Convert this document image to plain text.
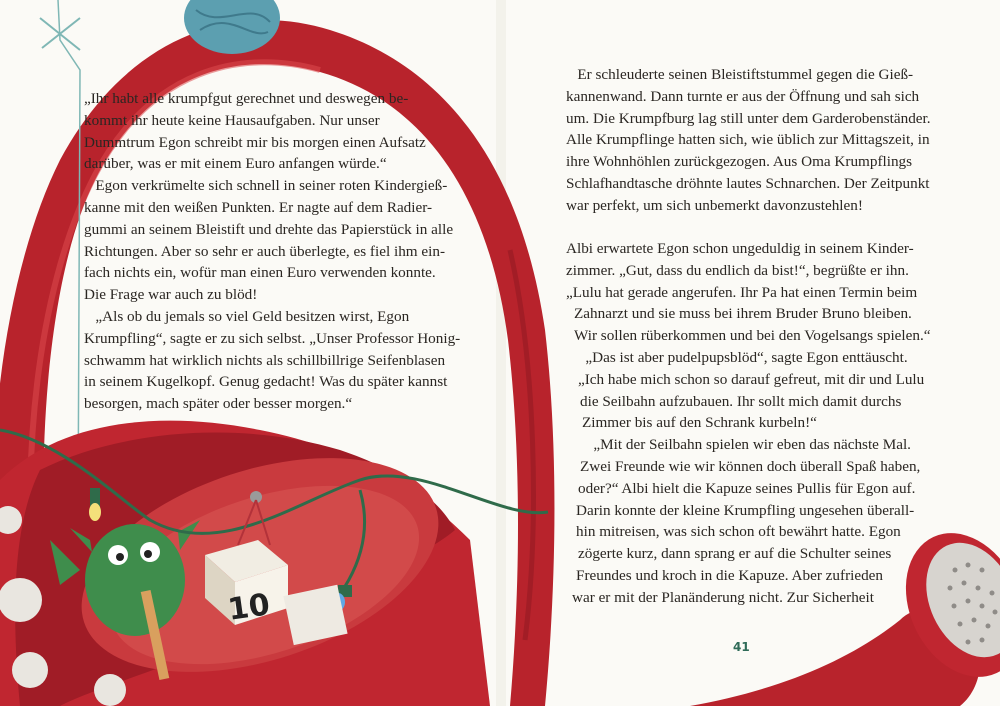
10

„Ihr habt alle krumpfgut gerechnet und deswegen be-

kommt ihr heute keine Hausaufgaben. Nur unser

Dummtrum Egon schreibt mir bis morgen einen Aufsatz

darüber, was er mit einem Euro anfangen würde.“

Egon verkrümelte sich schnell in seiner roten Kindergieß-

kanne mit den weißen Punkten. Er nagte auf dem Radier-

gummi an seinem Bleistift und drehte das Papierstück in alle

Richtungen. Aber so sehr er auch überlegte, es fiel ihm ein-

fach nichts ein, wofür man einen Euro verwenden konnte.

Die Frage war auch zu blöd!

„Als ob du jemals so viel Geld besitzen wirst, Egon

Krumpfling“, sagte er zu sich selbst. „Unser Professor Honig-

schwamm hat wirklich nichts als schillbillrige Seifenblasen

in seinem Kugelkopf. Genug gedacht! Was du später kannst

besorgen, mach später oder besser morgen.“

Er schleuderte seinen Bleistiftstummel gegen die Gieß-

kannenwand. Dann turnte er aus der Öffnung und sah sich

um. Die Krumpfburg lag still unter dem Garderobenständer.

Alle Krumpflinge hatten sich, wie üblich zur Mittagszeit, in

ihre Wohnhöhlen zurückgezogen. Aus Oma Krumpflings

Schlafhandtasche dröhnte lautes Schnarchen. Der Zeitpunkt

war perfekt, um sich unbemerkt davonzustehlen!

Albi erwartete Egon schon ungeduldig in seinem Kinder-

zimmer. „Gut, dass du endlich da bist!“, begrüßte er ihn.

„Lulu hat gerade angerufen. Ihr Pa hat einen Termin beim

Zahnarzt und sie muss bei ihrem Bruder Bruno bleiben.

Wir sollen rüberkommen und bei den Vogelsangs spielen.“

„Das ist aber pudelpupsblöd“, sagte Egon enttäuscht.

„Ich habe mich schon so darauf gefreut, mit dir und Lulu

die Seilbahn aufzubauen. Ihr sollt mich damit durchs

Zimmer bis auf den Schrank kurbeln!“

„Mit der Seilbahn spielen wir eben das nächste Mal.

Zwei Freunde wie wir können doch überall Spaß haben,

oder?“ Albi hielt die Kapuze seines Pullis für Egon auf.

Darin konnte der kleine Krumpfling ungesehen überall-

hin mitreisen, was sich schon oft bewährt hatte. Egon

zögerte kurz, dann sprang er auf die Schulter seines

Freundes und kroch in die Kapuze. Aber zufrieden

war er mit der Planänderung nicht. Zur Sicherheit

41
